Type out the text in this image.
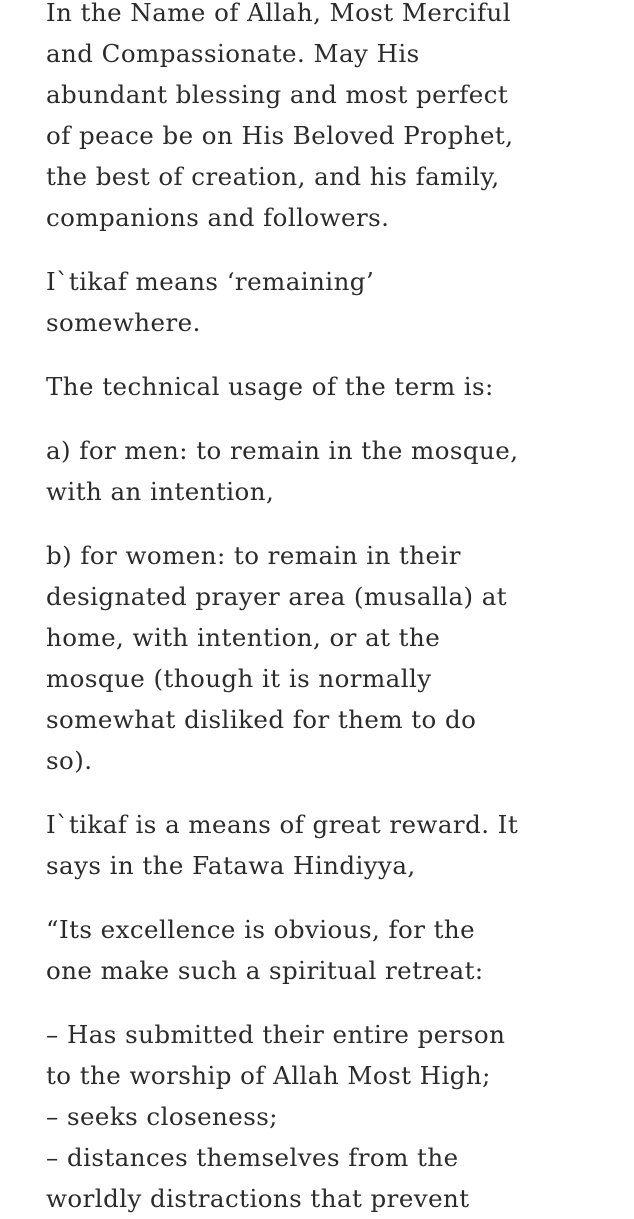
In the Name of Allah, Most Merciful
and Compassionate. May His
abundant blessing and most perfect
of peace be on His Beloved Prophet,
the best of creation, and his family,
companions and followers.

I`tikaf means ‘remaining’
somewhere.

The technical usage of the term is:

a) for men: to remain in the mosque,
with an intention,

b) for women: to remain in their
designated prayer area (musalla) at
home, with intention, or at the
mosque (though it is normally
somewhat disliked for them to do
so).

I`tikaf is a means of great reward. It
says in the Fatawa Hindiyya,

“Its excellence is obvious, for the
one make such a spiritual retreat:

– Has submitted their entire person
to the worship of Allah Most High;
– seeks closeness;
– distances themselves from the
worldly distractions that prevent
